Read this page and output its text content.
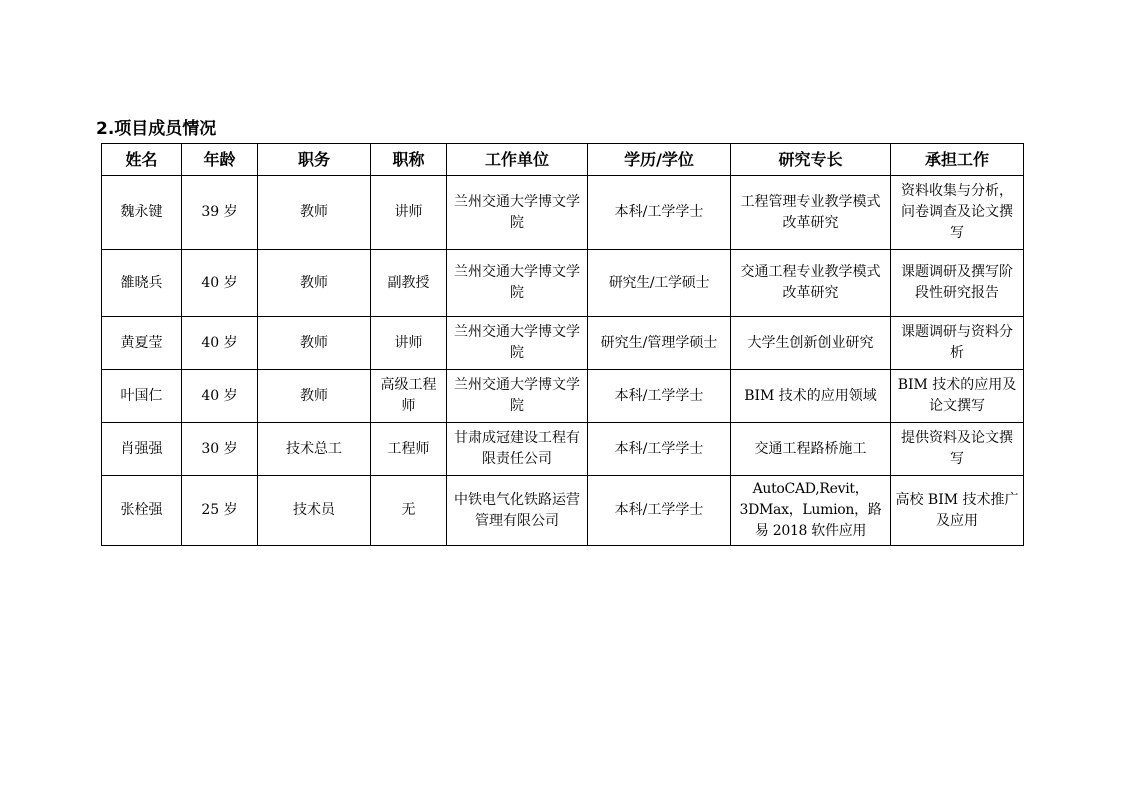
2.项目成员情况
姓名	年龄	职务	职称	工作单位	学历/学位	研究专长	承担工作
魏永键	39 岁	教师	讲师	兰州交通大学博文学院	本科/工学学士	工程管理专业教学模式改革研究	资料收集与分析，问卷调查及论文撰写
雒晓兵	40 岁	教师	副教授	兰州交通大学博文学院	研究生/工学硕士	交通工程专业教学模式改革研究	课题调研及撰写阶段性研究报告
黄夏莹	40 岁	教师	讲师	兰州交通大学博文学院	研究生/管理学硕士	大学生创新创业研究	课题调研与资料分析
叶国仁	40 岁	教师	高级工程师	兰州交通大学博文学院	本科/工学学士	BIM 技术的应用领域	BIM 技术的应用及论文撰写
肖强强	30 岁	技术总工	工程师	甘肃成冠建设工程有限责任公司	本科/工学学士	交通工程路桥施工	提供资料及论文撰写
张栓强	25 岁	技术员	无	中铁电气化铁路运营管理有限公司	本科/工学学士	AutoCAD,Revit，3DMax，Lumion，路易 2018 软件应用	高校 BIM 技术推广及应用
